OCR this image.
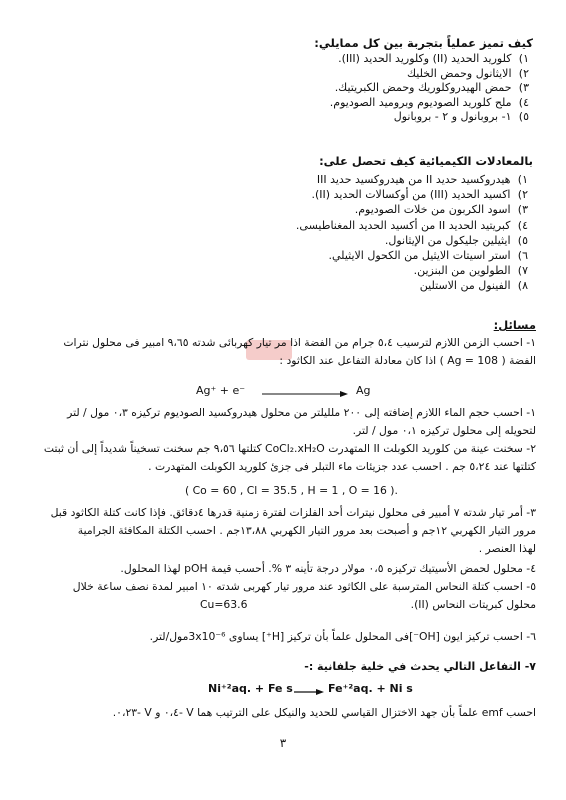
كيف تميز عملياً بتجربة بين كل ممايلي:
١) كلوريد الحديد (II) وكلوريد الحديد (III).
٢) الايثانول وحمض الخليك
٣) حمض الهيدروكلوريك وحمض الكبريتيك.
٤) ملح كلوريد الصوديوم وبروميد الصوديوم.
٥) ١- بروبانول و ٢ - بروبانول
بالمعادلات الكيميائية كيف تحصل على:
١) هيدروكسيد حديد II من هيدروكسيد حديد III
٢) اكسيد الحديد (III) من أوكسالات الحديد (II).
٣) اسود الكربون من خلات الصوديوم.
٤) كبريتيد الحديد II من أكسيد الحديد المغناطيسى.
٥) ايثيلين جليكول من الإيثانول.
٦) استر اسيتات الايثيل من الكحول الايثيلي.
٧) الطولوين من البنزين.
٨) الفينول من الاستلين
مسائل:
١- احسب الزمن اللازم لترسيب ٥،٤ جرام من الفضة اذا مر تيار كهربائى شدته ٩،٦٥ امبير فى محلول نترات
الفضة ( Ag = 108 ) اذا كان معادلة التفاعل عند الكاثود :
Ag⁺ + e⁻	Ag
١- احسب حجم الماء اللازم إضافته إلى ٢٠٠ ملليلتر من محلول هيدروكسيد الصوديوم تركيزه ٠،٣ مول / لتر
لتحويله إلى محلول تركيزه ٠،١ مول / لتر.
٢- سخنت عينة من كلوريد الكوبلت II المتهدرت CoCl₂.xH₂O كتلتها ٩،٥٦ جم سخنت تسخيناً شديداً إلى أن ثبتت
كتلتها عند ٥،٢٤ جم . احسب عدد جزيئات ماء التبلر فى جزئ كلوريد الكوبلت المتهدرت .
( Co = 60 , Cl = 35.5 , H = 1 , O = 16 ).
٣- أمر تيار شدته ٧ أمبير فى محلول نيترات أحد الفلزات لفترة زمنية قدرها ٤دقائق. فإذا كانت كتلة الكاثود قبل
مرور التيار الكهربي ١٢جم و أصبحت بعد مرور التيار الكهربي ١٣،٨٨جم . احسب الكتلة المكافئة الجرامية
لهذا العنصر .
٤- محلول لحمض الأسيتيك تركيزه ٠،٥ مولار درجة تأينه ٣ %. أحسب قيمة pOH لهذا المحلول.
٥- احسب كتلة النحاس المترسبة على الكاثود عند مرور تيار كهربى شدته ١٠ امبير لمدة نصف ساعة خلال
محلول كبريتات النحاس (II).
Cu=63.6
٦- احسب تركيز ايون [OH⁻]فى المحلول علماً بأن تركيز [H⁺] يساوى 3x10⁻⁶مول/لتر.
٧- التفاعل التالي يحدث في خلية جلفانية :-
Ni⁺²aq. + Fe s	Fe⁺²aq. + Ni s
احسب emf علماً بأن جهد الاختزال القياسي للحديد والنيكل على الترتيب هما V -٠،٤ و V -٠،٢٣.
٣
